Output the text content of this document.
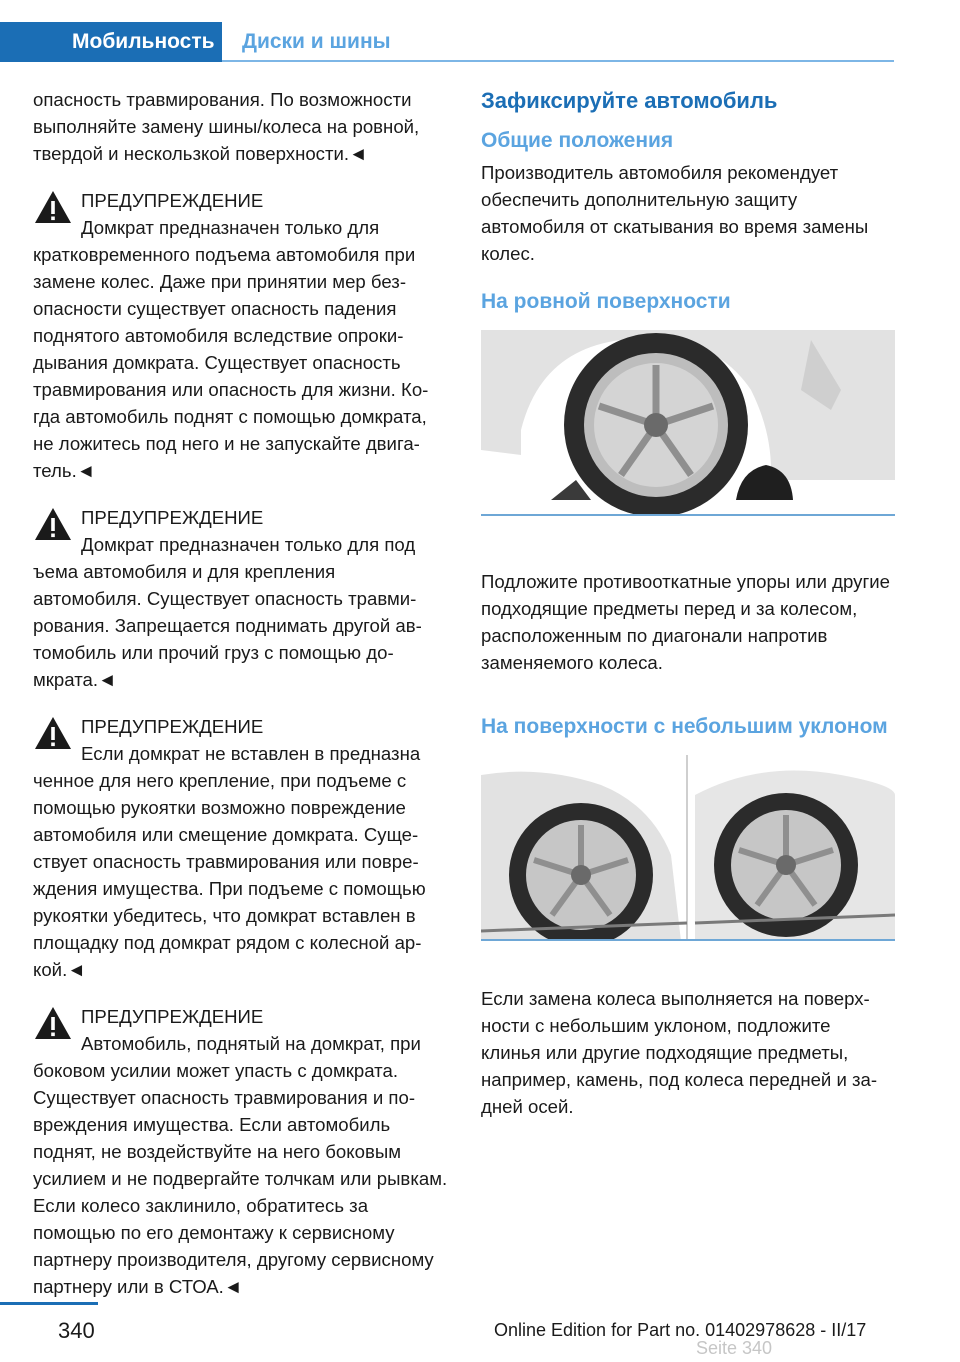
Мобильность	Диски и шины

опасность травмирования. По возможности выполняйте замену шины/колеса на ровной, твердой и нескользкой поверхности.◄

ПРЕДУПРЕЖДЕНИЕ

Домкрат предназначен только для

кратковременного подъема автомобиля при замене колес. Даже при принятии мер безопасности существует опасность падения поднятого автомобиля вследствие опрокидывания домкрата. Существует опасность травмирования или опасность для жизни. Когда автомобиль поднят с помощью домкрата, не ложитесь под него и не запускайте двигатель.◄

ПРЕДУПРЕЖДЕНИЕ

Домкрат предназначен только для под

ъема автомобиля и для крепления автомобиля. Существует опасность травмирования. Запрещается поднимать другой автомобиль или прочий груз с помощью домкрата.◄

ПРЕДУПРЕЖДЕНИЕ

Если домкрат не вставлен в предназна

ченное для него крепление, при подъеме с помощью рукоятки возможно повреждение автомобиля или смещение домкрата. Существует опасность травмирования или повреждения имущества. При подъеме с помощью рукоятки убедитесь, что домкрат вставлен в площадку под домкрат рядом с колесной аркой.◄

ПРЕДУПРЕЖДЕНИЕ

Автомобиль, поднятый на домкрат, при

боковом усилии может упасть с домкрата. Существует опасность травмирования и повреждения имущества. Если автомобиль поднят, не воздействуйте на него боковым усилием и не подвергайте толчкам или рывкам. Если колесо заклинило, обратитесь за помощью по его демонтажу к сервисному партнеру производителя, другому сервисному партнеру или в СТОА.◄

Зафиксируйте автомобиль
Общие положения

Производитель автомобиля рекомендует обеспечить дополнительную защиту автомобиля от скатывания во время замены колес.

На ровной поверхности

Подложите противооткатные упоры или другие подходящие предметы перед и за колесом, расположенным по диагонали напротив заменяемого колеса.

На поверхности с небольшим уклоном

Если замена колеса выполняется на поверхности с небольшим уклоном, подложите клинья или другие подходящие предметы, например, камень, под колеса передней и задней осей.

340	Online Edition for Part no. 01402978628 - II/17
Seite 340
